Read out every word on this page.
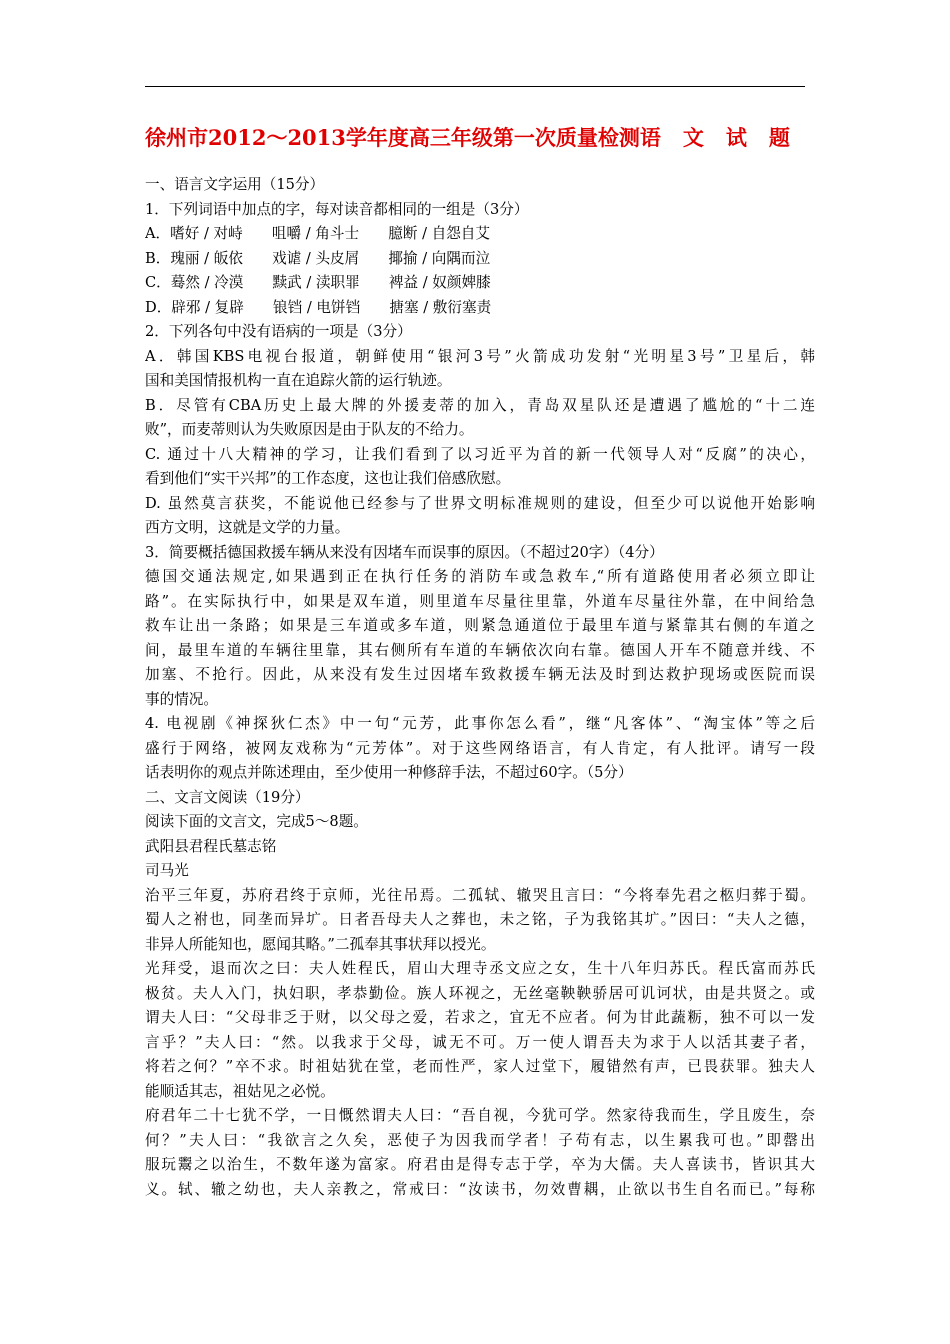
徐州市2012～2013学年度高三年级第一次质量检测语 文 试 题
一、语言文字运用（15分）
1．下列词语中加点的字，每对读音都相同的一组是（3分）
A．嗜好 / 对峙　　咀嚼 / 角斗士　　臆断 / 自怨自艾
B．瑰丽 / 皈依　　戏谑 / 头皮屑　　揶揄 / 向隅而泣
C．蓦然 / 冷漠　　黩武 / 渎职罪　　裨益 / 奴颜婢膝
D．辟邪 / 复辟　　锒铛 / 电饼铛　　搪塞 / 敷衍塞责
2．下列各句中没有语病的一项是（3分）
A．韩国KBS电视台报道，朝鲜使用“银河3号”火箭成功发射“光明星3号”卫星后，韩
国和美国情报机构一直在追踪火箭的运行轨迹。
B．尽管有CBA历史上最大牌的外援麦蒂的加入，青岛双星队还是遭遇了尴尬的“十二连
败”，而麦蒂则认为失败原因是由于队友的不给力。
C. 通过十八大精神的学习，让我们看到了以习近平为首的新一代领导人对“反腐”的决心，
看到他们“实干兴邦”的工作态度，这也让我们倍感欣慰。
D. 虽然莫言获奖，不能说他已经参与了世界文明标准规则的建设，但至少可以说他开始影响
西方文明，这就是文学的力量。
3．简要概括德国救援车辆从来没有因堵车而误事的原因。（不超过20字）（4分）
德国交通法规定,如果遇到正在执行任务的消防车或急救车,“所有道路使用者必须立即让
路”。在实际执行中，如果是双车道，则里道车尽量往里靠，外道车尽量往外靠，在中间给急
救车让出一条路；如果是三车道或多车道，则紧急通道位于最里车道与紧靠其右侧的车道之
间，最里车道的车辆往里靠，其右侧所有车道的车辆依次向右靠。德国人开车不随意并线、不
加塞、不抢行。因此，从来没有发生过因堵车致救援车辆无法及时到达救护现场或医院而误
事的情况。
4. 电视剧《神探狄仁杰》中一句“元芳，此事你怎么看”，继“凡客体”、“淘宝体”等之后
盛行于网络，被网友戏称为“元芳体”。对于这些网络语言，有人肯定，有人批评。请写一段
话表明你的观点并陈述理由，至少使用一种修辞手法，不超过60字。（5分）
二、文言文阅读（19分）
阅读下面的文言文，完成5～8题。
武阳县君程氏墓志铭
司马光
治平三年夏，苏府君终于京师，光往吊焉。二孤轼、辙哭且言曰：“今将奉先君之柩归葬于蜀。
蜀人之祔也，同垄而异圹。日者吾母夫人之葬也，未之铭，子为我铭其圹。”因曰：“夫人之德，
非异人所能知也，愿闻其略。”二孤奉其事状拜以授光。
光拜受，退而次之曰：夫人姓程氏，眉山大理寺丞文应之女，生十八年归苏氏。程氏富而苏氏
极贫。夫人入门，执妇职，孝恭勤俭。族人环视之，无丝毫鞅鞅骄居可讥诃状，由是共贤之。或
谓夫人曰：“父母非乏于财，以父母之爱，若求之，宜无不应者。何为甘此蔬粝，独不可以一发
言乎？”夫人曰：“然。以我求于父母，诚无不可。万一使人谓吾夫为求于人以活其妻子者，
将若之何？”卒不求。时祖姑犹在堂，老而性严，家人过堂下，履错然有声，已畏获罪。独夫人
能顺适其志，祖姑见之必悦。
府君年二十七犹不学，一日慨然谓夫人曰：“吾自视，今犹可学。然家待我而生，学且废生，奈
何？”夫人曰：“我欲言之久矣，恶使子为因我而学者！子苟有志，以生累我可也。”即罄出
服玩鬻之以治生，不数年遂为富家。府君由是得专志于学，卒为大儒。夫人喜读书，皆识其大
义。轼、辙之幼也，夫人亲教之，常戒曰：“汝读书，勿效曹耦，止欲以书生自名而已。”每称
